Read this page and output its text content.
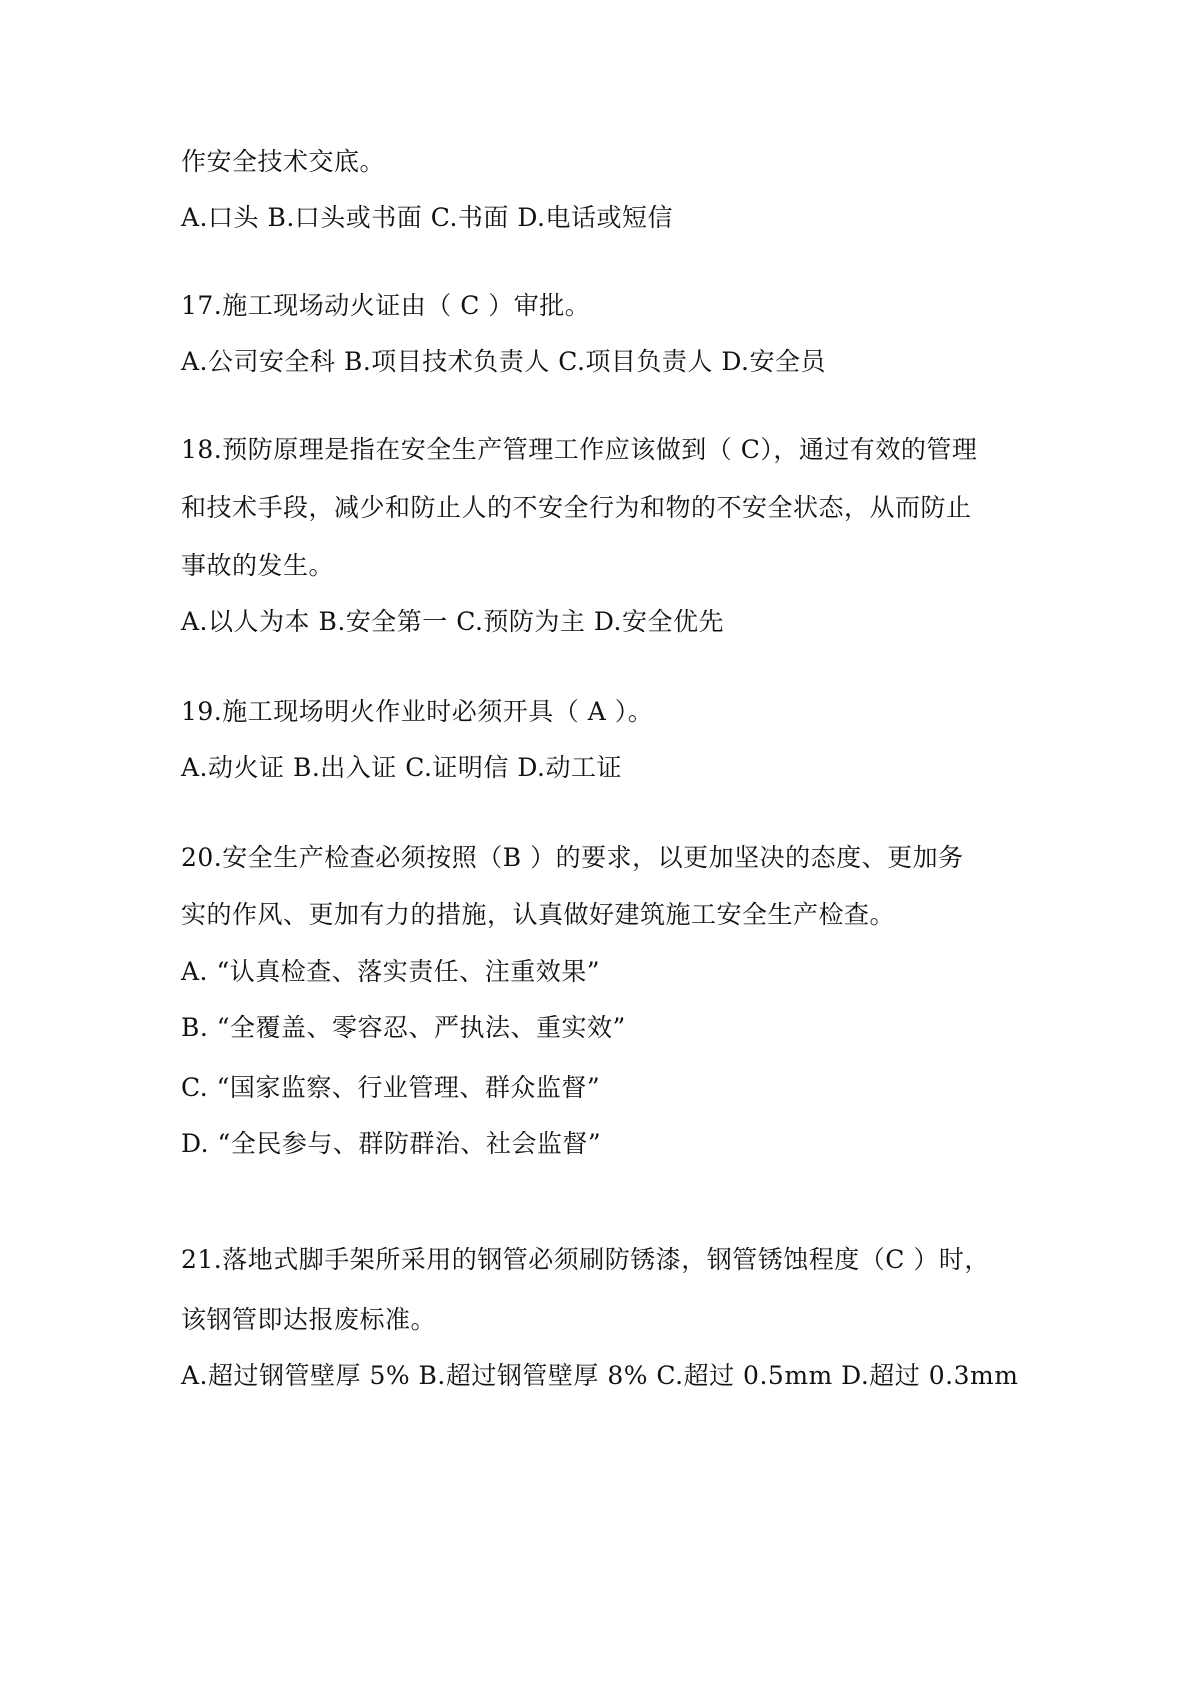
作安全技术交底。
A.口头 B.口头或书面 C.书面 D.电话或短信
17.施工现场动火证由（ C ）审批。
A.公司安全科 B.项目技术负责人 C.项目负责人 D.安全员
18.预防原理是指在安全生产管理工作应该做到（ C），通过有效的管理
和技术手段，减少和防止人的不安全行为和物的不安全状态，从而防止
事故的发生。
A.以人为本 B.安全第一 C.预防为主 D.安全优先
19.施工现场明火作业时必须开具（ A ）。
A.动火证 B.出入证 C.证明信 D.动工证
20.安全生产检查必须按照（B ）的要求，以更加坚决的态度、更加务
实的作风、更加有力的措施，认真做好建筑施工安全生产检查。
A. “认真检查、落实责任、注重效果”
B. “全覆盖、零容忍、严执法、重实效”
C. “国家监察、行业管理、群众监督”
D. “全民参与、群防群治、社会监督”
21.落地式脚手架所采用的钢管必须刷防锈漆，钢管锈蚀程度（C ）时，
该钢管即达报废标准。
A.超过钢管壁厚 5% B.超过钢管壁厚 8% C.超过 0.5mm D.超过 0.3mm
